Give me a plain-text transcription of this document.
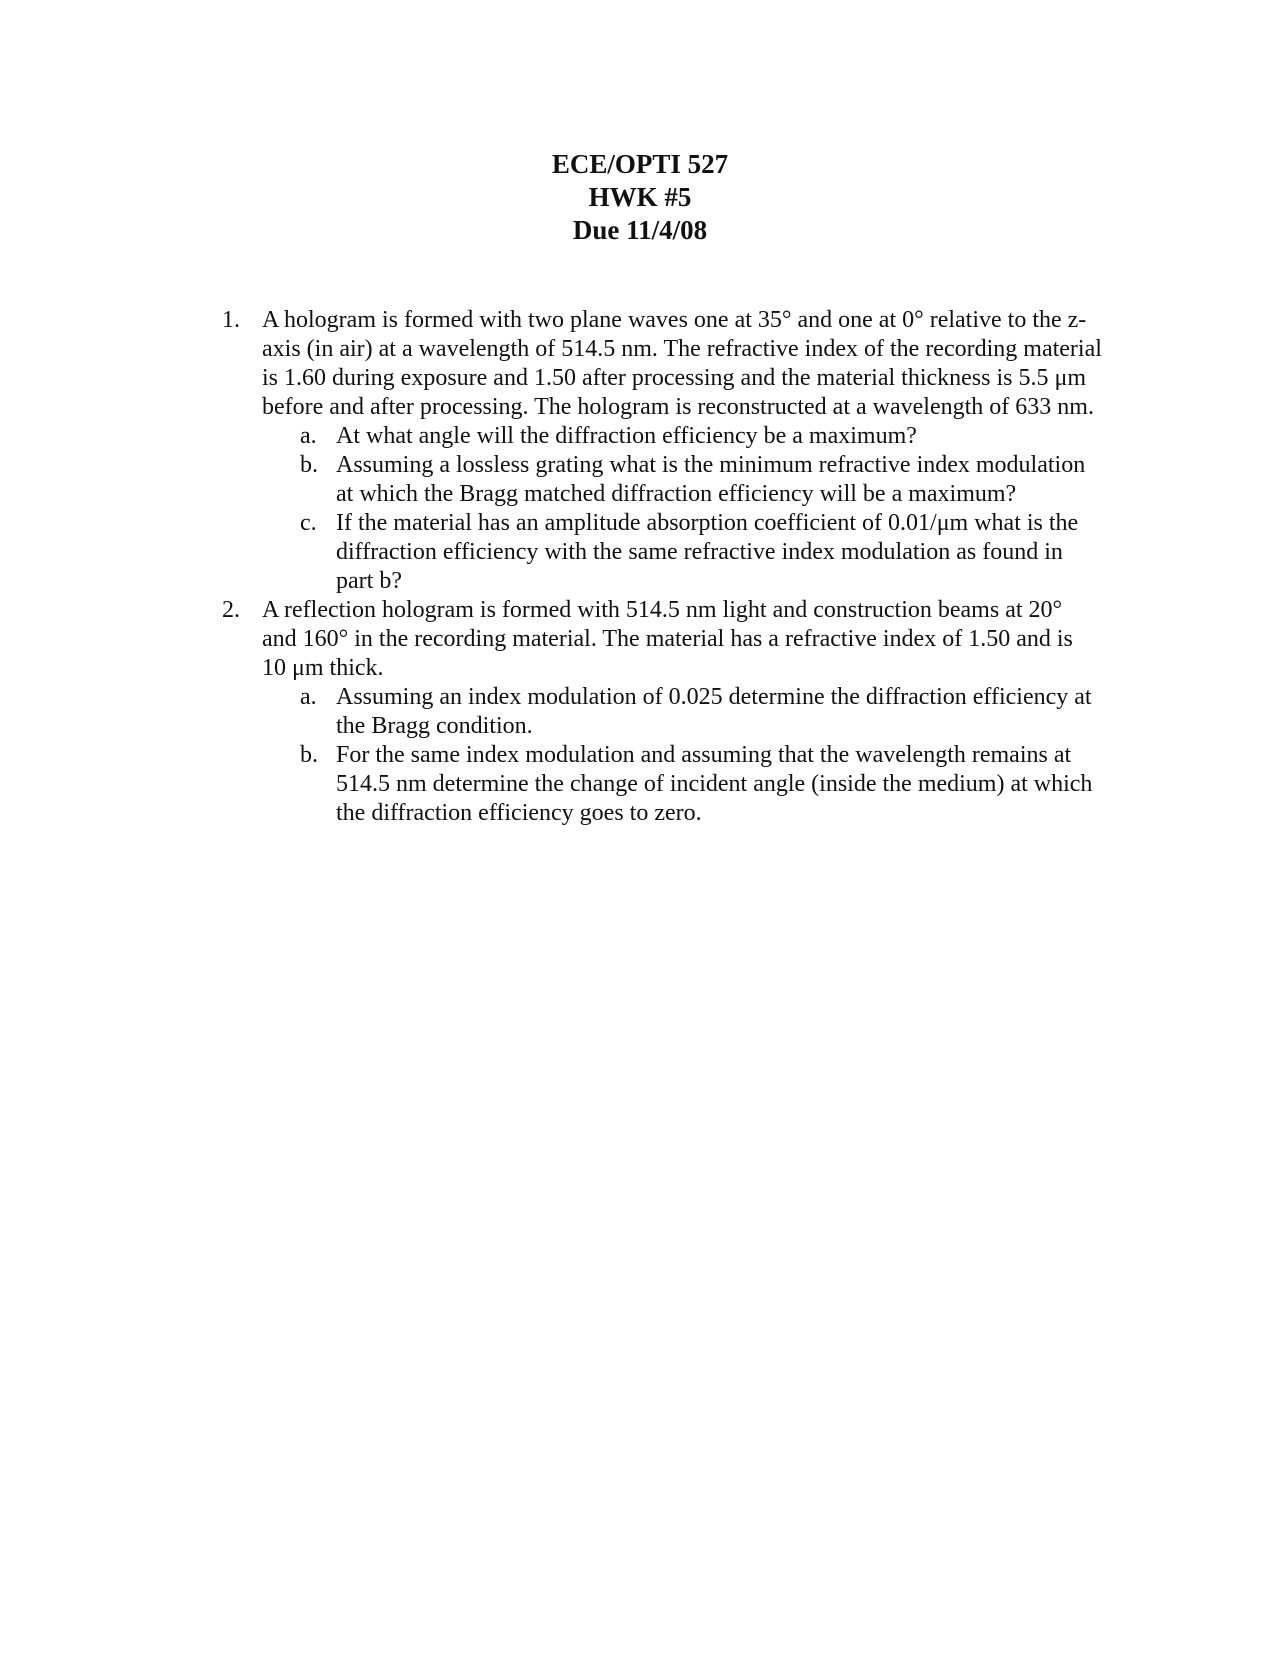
ECE/OPTI 527
HWK #5
Due 11/4/08
1. A hologram is formed with two plane waves one at 35° and one at 0° relative to the z-axis (in air) at a wavelength of 514.5 nm. The refractive index of the recording material is 1.60 during exposure and 1.50 after processing and the material thickness is 5.5 μm before and after processing. The hologram is reconstructed at a wavelength of 633 nm.
a. At what angle will the diffraction efficiency be a maximum?
b. Assuming a lossless grating what is the minimum refractive index modulation at which the Bragg matched diffraction efficiency will be a maximum?
c. If the material has an amplitude absorption coefficient of 0.01/μm what is the diffraction efficiency with the same refractive index modulation as found in part b?
2. A reflection hologram is formed with 514.5 nm light and construction beams at 20° and 160° in the recording material. The material has a refractive index of 1.50 and is 10 μm thick.
a. Assuming an index modulation of 0.025 determine the diffraction efficiency at the Bragg condition.
b. For the same index modulation and assuming that the wavelength remains at 514.5 nm determine the change of incident angle (inside the medium) at which the diffraction efficiency goes to zero.
